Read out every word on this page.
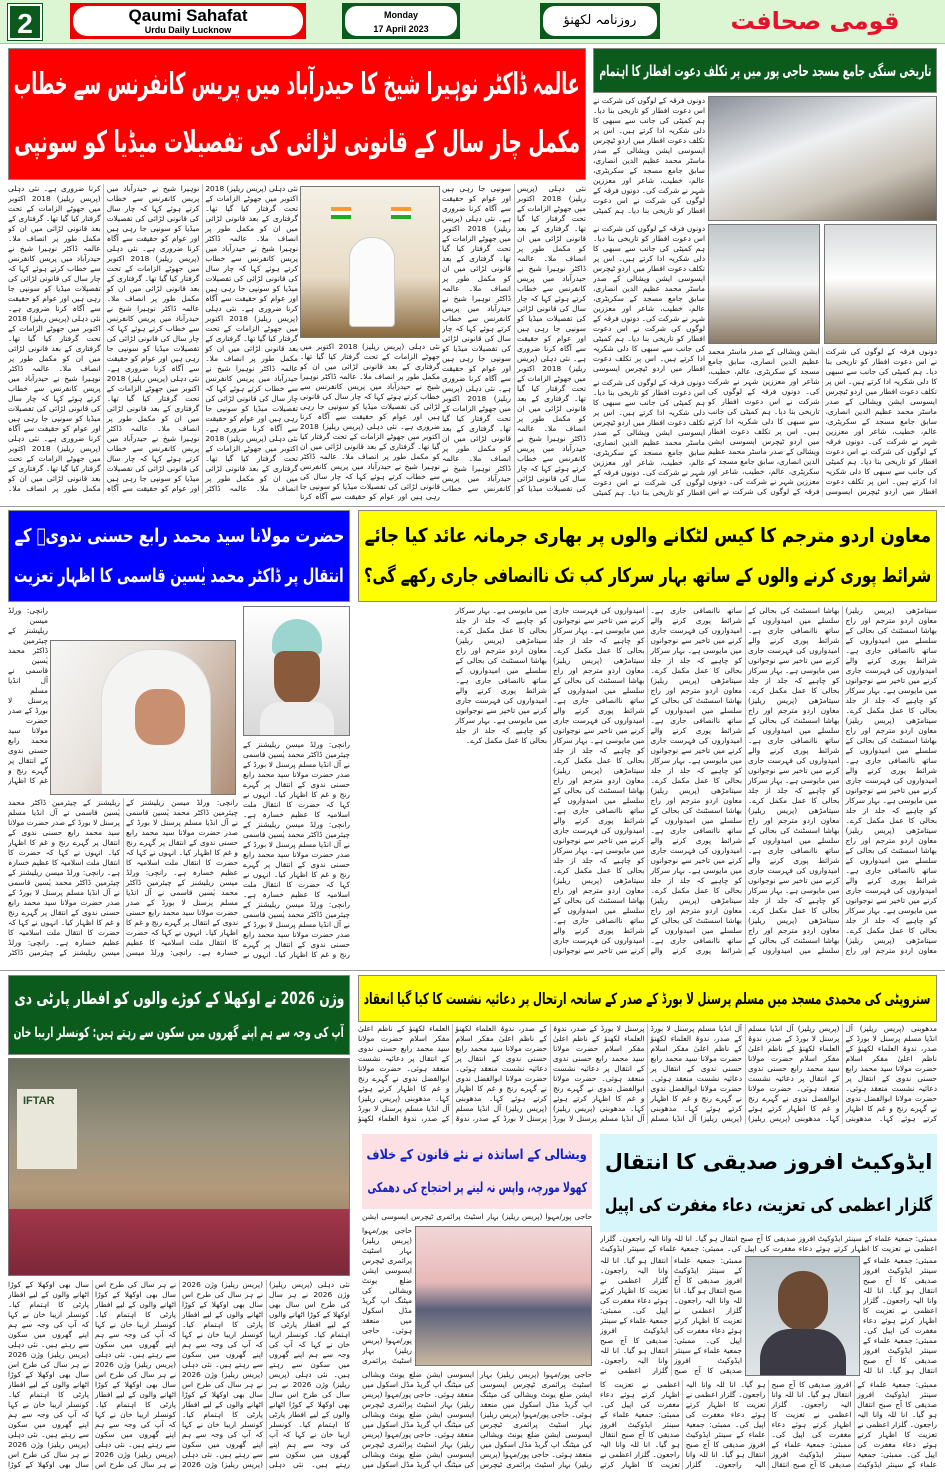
2	Qaumi Sahafat
Urdu Daily Lucknow
Monday
17 April 2023
روزنامہ لکھنؤ	قومی صحافت
عالمہ ڈاکٹر نوہیرا شیخ کا حیدرآباد میں پریس کانفرنس سے خطاب
مکمل چار سال کے قانونی لڑائی کی تفصیلات میڈیا کو سونپی
نئی دہلی (پریس ریلیز) 2018 اکتوبر میں جھوٹے الزامات کے تحت گرفتار کیا گیا تھا۔ گرفتاری کے بعد قانونی لڑائی میں ان کو مکمل طور پر انصاف ملا۔ عالمہ ڈاکٹر نوہیرا شیخ نے حیدرآباد میں پریس کانفرنس سے خطاب کرتے ہوئے کہا کہ چار سال کی قانونی لڑائی کی تفصیلات میڈیا کو سونپی جا رہی ہیں اور عوام کو حقیقت سے آگاہ کرنا ضروری ہے۔ نئی دہلی (پریس ریلیز) 2018 اکتوبر میں جھوٹے الزامات کے تحت گرفتار کیا گیا تھا۔ گرفتاری کے بعد قانونی لڑائی میں ان کو مکمل طور پر انصاف ملا۔ عالمہ ڈاکٹر نوہیرا شیخ نے حیدرآباد میں پریس کانفرنس سے خطاب کرتے ہوئے کہا کہ چار سال کی قانونی لڑائی کی تفصیلات میڈیا کو سونپی جا رہی ہیں اور عوام کو حقیقت سے آگاہ کرنا ضروری ہے۔ نئی دہلی (پریس ریلیز) 2018 اکتوبر میں جھوٹے الزامات کے تحت گرفتار کیا گیا تھا۔ گرفتاری کے بعد قانونی لڑائی میں ان کو مکمل طور پر انصاف ملا۔ عالمہ ڈاکٹر نوہیرا شیخ نے حیدرآباد میں پریس کانفرنس سے خطاب کرتے ہوئے کہا کہ چار سال کی قانونی لڑائی کی تفصیلات میڈیا کو سونپی جا رہی ہیں اور عوام کو حقیقت سے آگاہ کرنا ضروری ہے۔ نئی دہلی (پریس ریلیز) 2018 اکتوبر میں جھوٹے الزامات کے تحت گرفتار کیا گیا تھا۔ گرفتاری کے بعد قانونی لڑائی میں ان کو مکمل طور پر انصاف ملا۔ عالمہ ڈاکٹر نوہیرا شیخ نے حیدرآباد میں پریس کانفرنس سے خطاب کرتے ہوئے کہا کہ چار سال کی قانونی لڑائی کی تفصیلات میڈیا کو سونپی جا رہی ہیں اور عوام کو حقیقت سے آگاہ کرنا ضروری ہے۔ نئی دہلی (پریس ریلیز) 2018 اکتوبر میں جھوٹے الزامات کے تحت گرفتار کیا گیا تھا۔ گرفتاری کے بعد قانونی لڑائی میں ان کو مکمل طور پر انصاف ملا۔ عالمہ ڈاکٹر نوہیرا شیخ نے حیدرآباد میں پریس کانفرنس سے خطاب کرتے ہوئے کہا کہ چار سال کی قانونی لڑائی کی تفصیلات میڈیا کو سونپی جا رہی ہیں اور عوام کو حقیقت سے آگاہ کرنا ضروری ہے۔ نئی دہلی (پریس ریلیز) 2018 اکتوبر میں جھوٹے الزامات کے تحت گرفتار کیا گیا تھا۔ گرفتاری کے بعد قانونی لڑائی میں ان کو مکمل طور پر انصاف ملا۔ عالمہ ڈاکٹر نوہیرا شیخ نے حیدرآباد میں پریس کانفرنس سے خطاب کرتے ہوئے کہا کہ چار سال کی قانونی لڑائی کی تفصیلات میڈیا کو سونپی جا رہی ہیں اور عوام کو حقیقت سے آگاہ کرنا ضروری ہے۔ نئی دہلی (پریس ریلیز) 2018 اکتوبر میں جھوٹے الزامات کے تحت گرفتار کیا گیا تھا۔ گرفتاری کے بعد قانونی لڑائی میں ان کو مکمل طور پر انصاف ملا۔ عالمہ ڈاکٹر نوہیرا شیخ نے حیدرآباد میں پریس کانفرنس سے خطاب کرتے ہوئے کہا کہ چار سال کی قانونی لڑائی کی تفصیلات میڈیا کو سونپی جا رہی ہیں اور عوام کو حقیقت سے آگاہ کرنا ضروری ہے۔ نئی دہلی (پریس ریلیز) 2018 اکتوبر میں جھوٹے الزامات کے تحت گرفتار کیا گیا تھا۔ گرفتاری کے بعد قانونی لڑائی میں ان کو مکمل طور پر انصاف ملا۔
نئی دہلی (پریس ریلیز) 2018 اکتوبر میں جھوٹے الزامات کے تحت گرفتار کیا گیا تھا۔ گرفتاری کے بعد قانونی لڑائی میں ان کو مکمل طور پر انصاف ملا۔ عالمہ ڈاکٹر نوہیرا شیخ نے حیدرآباد میں پریس کانفرنس سے خطاب کرتے ہوئے کہا کہ چار سال کی قانونی لڑائی کی تفصیلات میڈیا کو سونپی جا رہی ہیں اور عوام کو حقیقت سے آگاہ کرنا ضروری ہے۔ نئی دہلی (پریس ریلیز) 2018 اکتوبر میں جھوٹے الزامات کے تحت گرفتار کیا گیا تھا۔ گرفتاری کے بعد قانونی لڑائی میں ان کو مکمل طور پر انصاف ملا۔ عالمہ ڈاکٹر نوہیرا شیخ نے حیدرآباد میں پریس کانفرنس سے خطاب کرتے ہوئے کہا کہ چار سال کی قانونی لڑائی کی تفصیلات میڈیا کو سونپی جا رہی ہیں اور عوام کو حقیقت سے آگاہ کرنا
نئی دہلی (پریس ریلیز) 2018 اکتوبر میں جھوٹے الزامات کے تحت گرفتار کیا گیا تھا۔ گرفتاری کے بعد قانونی لڑائی میں ان کو مکمل طور پر انصاف ملا۔ عالمہ ڈاکٹر نوہیرا شیخ نے حیدرآباد میں پریس کانفرنس سے خطاب کرتے ہوئے کہا کہ چار سال کی قانونی لڑائی کی تفصیلات میڈیا کو سونپی جا رہی ہیں اور عوام کو حقیقت سے آگاہ کرنا ضروری ہے۔ نئی دہلی (پریس ریلیز) 2018 اکتوبر میں جھوٹے الزامات کے تحت گرفتار کیا گیا تھا۔ گرفتاری کے بعد قانونی لڑائی میں ان کو مکمل طور پر انصاف ملا۔ عالمہ ڈاکٹر نوہیرا شیخ نے حیدرآباد میں پریس کانفرنس سے خطاب کرتے ہوئے کہا کہ چار سال کی قانونی لڑائی کی تفصیلات میڈیا کو سونپی جا رہی ہیں اور عوام کو حقیقت سے آگاہ کرنا ضروری ہے۔ نئی دہلی (پریس ریلیز) 2018 اکتوبر میں جھوٹے الزامات کے تحت گرفتار کیا گیا تھا۔ گرفتاری کے بعد قانونی لڑائی میں ان کو مکمل طور پر انصاف ملا۔ عالمہ ڈاکٹر نوہیرا شیخ نے حیدرآباد میں پریس کانفرنس سے خطاب کرتے ہوئے کہا کہ چار سال کی قانونی لڑائی کی تفصیلات میڈیا کو سونپی جا رہی ہیں اور عوام کو حقیقت سے آگاہ کرنا ضروری ہے۔ نئی دہلی (پریس ریلیز) 2018 اکتوبر میں جھوٹے الزامات کے تحت گرفتار کیا گیا تھا۔ گرفتاری کے بعد قانونی لڑائی میں ان کو مکمل طور پر انصاف ملا۔ عالمہ ڈاکٹر نوہیرا شیخ نے حیدرآباد میں پریس کانفرنس سے خطاب
تاریخی سنگی جامع مسجد حاجی پور میں پر تکلف دعوت افطار کا اہتمام
دونوں فرقہ کے لوگوں کی شرکت نے اس دعوت افطار کو تاریخی بنا دیا۔ ہم کمیٹی کی جانب سے سبھی کا دلی شکریہ ادا کرتے ہیں۔ اس پر تکلف دعوت افطار میں اردو ٹیچرس ایسوسی ایشن ویشالی کے صدر ماسٹر محمد عظیم الدین انصاری، سابق جامع مسجد کے سکریٹری، عالم، خطیب، شاعر اور معززین شہر نے شرکت کی۔ دونوں فرقہ کے لوگوں کی شرکت نے اس دعوت افطار کو تاریخی بنا دیا۔ ہم کمیٹی
دونوں فرقہ کے لوگوں کی شرکت نے اس دعوت افطار کو تاریخی بنا دیا۔ ہم کمیٹی کی جانب سے سبھی کا دلی شکریہ ادا کرتے ہیں۔ اس پر تکلف دعوت افطار میں اردو ٹیچرس ایسوسی ایشن ویشالی کے صدر ماسٹر محمد عظیم الدین انصاری، سابق جامع مسجد کے سکریٹری، عالم، خطیب، شاعر اور معززین شہر نے شرکت کی۔ دونوں فرقہ کے لوگوں کی شرکت نے اس دعوت افطار کو تاریخی بنا دیا۔ ہم کمیٹی کی جانب سے سبھی کا دلی شکریہ ادا کرتے ہیں۔ اس پر تکلف دعوت افطار میں اردو ٹیچرس ایسوسی
دونوں فرقہ کے لوگوں کی شرکت نے اس دعوت افطار کو تاریخی بنا دیا۔ ہم کمیٹی کی جانب سے سبھی کا دلی شکریہ ادا کرتے ہیں۔ اس پر تکلف دعوت افطار میں اردو ٹیچرس ایسوسی ایشن ویشالی کے صدر ماسٹر محمد عظیم الدین انصاری، سابق جامع مسجد کے سکریٹری، عالم، خطیب، شاعر اور معززین شہر نے شرکت کی۔ دونوں فرقہ کے لوگوں کی شرکت نے اس دعوت افطار کو تاریخی بنا دیا۔ ہم کمیٹی کی جانب سے سبھی کا دلی شکریہ ادا کرتے ہیں۔ اس پر تکلف دعوت افطار میں اردو ٹیچرس ایسوسی ایشن ویشالی کے صدر ماسٹر محمد عظیم الدین انصاری، سابق جامع مسجد کے سکریٹری، عالم، خطیب، شاعر اور معززین شہر نے شرکت کی۔ دونوں فرقہ کے لوگوں کی شرکت نے اس دعوت افطار کو تاریخی بنا دیا۔ ہم کمیٹی کی جانب سے سبھی کا دلی شکریہ ادا کرتے ہیں۔ اس پر تکلف دعوت افطار میں اردو ٹیچرس ایسوسی ایشن ویشالی کے صدر ماسٹر محمد عظیم الدین انصاری، سابق جامع مسجد کے سکریٹری، عالم، خطیب، شاعر اور معززین شہر نے شرکت کی۔ دونوں فرقہ کے لوگوں کی شرکت نے اس
دونوں فرقہ کے لوگوں کی شرکت نے اس دعوت افطار کو تاریخی بنا دیا۔ ہم کمیٹی کی جانب سے سبھی کا دلی شکریہ ادا کرتے ہیں۔ اس پر تکلف دعوت افطار میں اردو ٹیچرس ایسوسی ایشن ویشالی کے صدر ماسٹر محمد عظیم الدین انصاری، سابق جامع مسجد کے سکریٹری، عالم، خطیب، شاعر اور معززین شہر نے شرکت کی۔ دونوں فرقہ کے لوگوں کی شرکت نے اس دعوت افطار کو تاریخی بنا دیا۔ ہم کمیٹی
حضرت مولانا سید محمد رابع حسنی ندویؒ کے
انتقال پر ڈاکٹر محمد یٰسین قاسمی کا اظہار تعزیت
معاون اردو مترجم کا کیس لٹکانے والوں پر بھاری جرمانہ عائد کیا جائے
شرائط پوری کرنے والوں کے ساتھ بہار سرکار کب تک ناانصافی جاری رکھے گی؟
رانچی: ورلڈ میسن ریلیشنز کے چیئرمین ڈاکٹر محمد یٰسین قاسمی نے آل انڈیا مسلم پرسنل لا بورڈ کے صدر حضرت مولانا سید محمد رابع حسنی ندوی کے انتقال پر گہرے رنج و غم کا اظہار
رانچی: ورلڈ میسن ریلیشنز کے چیئرمین ڈاکٹر محمد یٰسین قاسمی نے آل انڈیا مسلم پرسنل لا بورڈ کے صدر حضرت مولانا سید محمد رابع حسنی ندوی کے انتقال پر گہرے رنج و غم کا اظہار کیا۔ انہوں نے کہا کہ حضرت کا انتقال ملت اسلامیہ کا عظیم خسارہ ہے۔ رانچی: ورلڈ میسن ریلیشنز کے چیئرمین ڈاکٹر محمد یٰسین قاسمی نے آل انڈیا مسلم پرسنل لا بورڈ کے صدر حضرت مولانا سید محمد رابع حسنی ندوی کے انتقال پر گہرے رنج و غم کا اظہار کیا۔ انہوں نے کہا کہ حضرت کا انتقال ملت اسلامیہ کا عظیم خسارہ ہے۔ رانچی: ورلڈ میسن ریلیشنز کے چیئرمین ڈاکٹر محمد یٰسین قاسمی نے آل انڈیا مسلم پرسنل لا بورڈ کے صدر حضرت مولانا سید محمد رابع حسنی ندوی کے انتقال پر گہرے رنج و غم کا اظہار کیا۔ انہوں نے کہا کہ حضرت کا انتقال ملت اسلامیہ کا عظیم خسارہ ہے۔ رانچی: ورلڈ میسن ریلیشنز کے چیئرمین ڈاکٹر محمد یٰسین قاسمی نے آل انڈیا مسلم پرسنل لا بورڈ کے صدر حضرت مولانا سید محمد رابع حسنی ندوی کے انتقال پر گہرے رنج و غم کا اظہار کیا۔ انہوں نے کہا کہ حضرت کا انتقال ملت اسلامیہ کا عظیم خسارہ ہے۔ رانچی: ورلڈ میسن ریلیشنز کے چیئرمین ڈاکٹر
رانچی: ورلڈ میسن ریلیشنز کے چیئرمین ڈاکٹر محمد یٰسین قاسمی نے آل انڈیا مسلم پرسنل لا بورڈ کے صدر حضرت مولانا سید محمد رابع حسنی ندوی کے انتقال پر گہرے رنج و غم کا اظہار کیا۔ انہوں نے کہا کہ حضرت کا انتقال ملت اسلامیہ کا عظیم خسارہ ہے۔ رانچی: ورلڈ میسن ریلیشنز کے چیئرمین ڈاکٹر محمد یٰسین قاسمی نے آل انڈیا مسلم پرسنل لا بورڈ کے صدر حضرت مولانا سید محمد رابع حسنی ندوی کے انتقال پر گہرے رنج و غم کا اظہار کیا۔ انہوں نے کہا کہ حضرت کا انتقال ملت اسلامیہ کا عظیم خسارہ ہے۔ رانچی: ورلڈ میسن ریلیشنز کے چیئرمین ڈاکٹر محمد یٰسین قاسمی نے آل انڈیا مسلم پرسنل لا بورڈ کے صدر حضرت مولانا سید محمد رابع حسنی ندوی کے انتقال پر گہرے رنج و غم کا اظہار کیا۔ انہوں نے
سیتامڑھی (پریس ریلیز) معاون اردو مترجم اور راج بھاشا اسسٹنٹ کی بحالی کے سلسلے میں امیدواروں کے ساتھ ناانصافی جاری ہے۔ شرائط پوری کرنے والے امیدواروں کی فہرست جاری کرنے میں تاخیر سے نوجوانوں میں مایوسی ہے۔ بہار سرکار کو چاہیے کہ جلد از جلد بحالی کا عمل مکمل کرے۔ سیتامڑھی (پریس ریلیز) معاون اردو مترجم اور راج بھاشا اسسٹنٹ کی بحالی کے سلسلے میں امیدواروں کے ساتھ ناانصافی جاری ہے۔ شرائط پوری کرنے والے امیدواروں کی فہرست جاری کرنے میں تاخیر سے نوجوانوں میں مایوسی ہے۔ بہار سرکار کو چاہیے کہ جلد از جلد بحالی کا عمل مکمل کرے۔ سیتامڑھی (پریس ریلیز) معاون اردو مترجم اور راج بھاشا اسسٹنٹ کی بحالی کے سلسلے میں امیدواروں کے ساتھ ناانصافی جاری ہے۔ شرائط پوری کرنے والے امیدواروں کی فہرست جاری کرنے میں تاخیر سے نوجوانوں میں مایوسی ہے۔ بہار سرکار کو چاہیے کہ جلد از جلد بحالی کا عمل مکمل کرے۔ سیتامڑھی (پریس ریلیز) معاون اردو مترجم اور راج بھاشا اسسٹنٹ کی بحالی کے سلسلے میں امیدواروں کے ساتھ ناانصافی جاری ہے۔ شرائط پوری کرنے والے امیدواروں کی فہرست جاری کرنے میں تاخیر سے نوجوانوں میں مایوسی ہے۔ بہار سرکار کو چاہیے کہ جلد از جلد بحالی کا عمل مکمل کرے۔ سیتامڑھی (پریس ریلیز) معاون اردو مترجم اور راج بھاشا اسسٹنٹ کی بحالی کے سلسلے میں امیدواروں کے ساتھ ناانصافی جاری ہے۔ شرائط پوری کرنے والے امیدواروں کی فہرست جاری کرنے میں تاخیر سے نوجوانوں میں مایوسی ہے۔ بہار سرکار کو چاہیے کہ جلد از جلد بحالی کا عمل مکمل کرے۔ سیتامڑھی (پریس ریلیز) معاون اردو مترجم اور راج بھاشا اسسٹنٹ کی بحالی کے سلسلے میں امیدواروں کے ساتھ ناانصافی جاری ہے۔ شرائط پوری کرنے والے امیدواروں کی فہرست جاری کرنے میں تاخیر سے نوجوانوں میں مایوسی ہے۔ بہار سرکار کو چاہیے کہ جلد از جلد بحالی کا عمل مکمل کرے۔ سیتامڑھی (پریس ریلیز) معاون اردو مترجم اور راج بھاشا اسسٹنٹ کی بحالی کے سلسلے میں امیدواروں کے ساتھ ناانصافی جاری ہے۔ شرائط پوری کرنے والے امیدواروں کی فہرست جاری کرنے میں تاخیر سے نوجوانوں میں مایوسی ہے۔ بہار سرکار کو چاہیے کہ جلد از جلد بحالی کا عمل مکمل کرے۔ سیتامڑھی (پریس ریلیز) معاون اردو مترجم اور راج بھاشا اسسٹنٹ کی بحالی کے سلسلے میں امیدواروں کے ساتھ ناانصافی جاری ہے۔ شرائط پوری کرنے والے امیدواروں کی فہرست جاری کرنے میں تاخیر سے نوجوانوں میں مایوسی ہے۔ بہار سرکار کو چاہیے کہ جلد از جلد بحالی کا عمل مکمل کرے۔ سیتامڑھی (پریس ریلیز) معاون اردو مترجم اور راج بھاشا اسسٹنٹ کی بحالی کے سلسلے میں امیدواروں کے ساتھ ناانصافی جاری ہے۔ شرائط پوری کرنے والے امیدواروں کی فہرست جاری کرنے میں تاخیر سے نوجوانوں میں مایوسی ہے۔ بہار سرکار کو چاہیے کہ جلد از جلد بحالی کا عمل مکمل کرے۔ سیتامڑھی (پریس ریلیز) معاون اردو مترجم اور راج بھاشا اسسٹنٹ کی بحالی کے سلسلے میں امیدواروں کے ساتھ ناانصافی جاری ہے۔ شرائط پوری کرنے والے امیدواروں کی فہرست جاری کرنے میں تاخیر سے نوجوانوں میں مایوسی ہے۔ بہار سرکار کو چاہیے کہ جلد از جلد بحالی کا عمل مکمل کرے۔ سیتامڑھی (پریس ریلیز) معاون اردو مترجم اور راج بھاشا اسسٹنٹ کی بحالی کے سلسلے میں امیدواروں کے ساتھ ناانصافی جاری ہے۔ شرائط پوری کرنے والے امیدواروں کی فہرست جاری کرنے میں تاخیر سے نوجوانوں میں مایوسی ہے۔ بہار سرکار کو چاہیے کہ جلد از جلد بحالی کا عمل مکمل کرے۔ سیتامڑھی (پریس ریلیز) معاون اردو مترجم اور راج بھاشا اسسٹنٹ کی بحالی کے سلسلے میں امیدواروں کے ساتھ ناانصافی جاری ہے۔ شرائط پوری کرنے والے امیدواروں کی فہرست جاری کرنے میں تاخیر سے نوجوانوں میں مایوسی ہے۔ بہار سرکار کو چاہیے کہ جلد از جلد بحالی کا عمل مکمل کرے۔ سیتامڑھی (پریس ریلیز) معاون اردو مترجم اور راج بھاشا اسسٹنٹ کی بحالی کے سلسلے میں امیدواروں کے ساتھ ناانصافی جاری ہے۔ شرائط پوری کرنے والے امیدواروں کی فہرست جاری کرنے میں تاخیر سے نوجوانوں میں مایوسی ہے۔ بہار سرکار کو چاہیے کہ جلد از جلد بحالی کا عمل مکمل کرے۔ سیتامڑھی (پریس ریلیز) معاون اردو مترجم اور راج بھاشا اسسٹنٹ کی بحالی کے سلسلے میں امیدواروں کے ساتھ ناانصافی جاری ہے۔ شرائط پوری کرنے والے امیدواروں کی فہرست جاری کرنے میں تاخیر سے نوجوانوں میں مایوسی ہے۔ بہار سرکار کو چاہیے کہ جلد از جلد بحالی کا عمل مکمل کرے۔
وژن 2026 نے اوکھلا کے کوڑے والوں کو افطار پارٹی دی
آپ کی وجہ سے ہم اپنے گھروں میں سکون سے رہتے ہیں: کونسلر اریبا خان
IFTAR
نئی دہلی (پریس ریلیز) وژن 2026 نے ہر سال کی طرح اس سال بھی اوکھلا کے کوڑا اٹھانے والوں کے لیے افطار پارٹی کا اہتمام کیا۔ کونسلر اریبا خان نے کہا کہ آپ کی وجہ سے ہم اپنے گھروں میں سکون سے رہتے ہیں۔ نئی دہلی (پریس ریلیز) وژن 2026 نے ہر سال کی طرح اس سال بھی اوکھلا کے کوڑا اٹھانے والوں کے لیے افطار پارٹی کا اہتمام کیا۔ کونسلر اریبا خان نے کہا کہ آپ کی وجہ سے ہم اپنے گھروں میں سکون سے رہتے ہیں۔ نئی دہلی (پریس ریلیز) وژن 2026 نے ہر سال کی طرح اس سال بھی اوکھلا کے کوڑا اٹھانے والوں کے لیے افطار پارٹی کا اہتمام کیا۔ کونسلر اریبا خان نے کہا کہ آپ کی وجہ سے ہم اپنے گھروں میں سکون سے رہتے ہیں۔ نئی دہلی (پریس ریلیز) وژن 2026 نے ہر سال کی طرح اس سال بھی اوکھلا کے کوڑا اٹھانے والوں کے لیے افطار پارٹی کا اہتمام کیا۔ کونسلر اریبا خان نے کہا کہ آپ کی وجہ سے ہم اپنے گھروں میں سکون سے رہتے ہیں۔ نئی دہلی (پریس ریلیز) وژن 2026 نے ہر سال کی طرح اس سال بھی اوکھلا کے کوڑا اٹھانے والوں کے لیے افطار پارٹی کا اہتمام کیا۔ کونسلر اریبا خان نے کہا کہ آپ کی وجہ سے ہم اپنے گھروں میں سکون سے رہتے ہیں۔ نئی دہلی (پریس ریلیز) وژن 2026 نے ہر سال کی طرح اس سال بھی اوکھلا کے کوڑا اٹھانے والوں کے لیے افطار پارٹی کا اہتمام کیا۔ کونسلر اریبا خان نے کہا کہ آپ کی وجہ سے ہم اپنے گھروں میں سکون سے رہتے ہیں۔ نئی دہلی (پریس ریلیز) وژن 2026 نے ہر سال کی طرح اس سال بھی اوکھلا کے کوڑا اٹھانے والوں کے لیے افطار پارٹی کا اہتمام کیا۔ کونسلر اریبا خان نے کہا کہ آپ کی وجہ سے ہم اپنے گھروں میں سکون سے رہتے ہیں۔ نئی دہلی (پریس ریلیز) وژن 2026 نے ہر سال کی طرح اس سال بھی اوکھلا کے کوڑا اٹھانے والوں کے لیے افطار پارٹی کا اہتمام کیا۔ کونسلر اریبا خان نے کہا کہ آپ کی وجہ سے ہم اپنے گھروں میں سکون سے رہتے ہیں۔ نئی دہلی (پریس ریلیز) وژن 2026 نے ہر سال کی طرح اس سال بھی اوکھلا کے کوڑا
ستروپٹی کی محمدی مسجد میں مسلم پرسنل لا بورڈ کے صدر کے سانحہ ارتحال پر دعائیہ نشست کا کیا گیا انعقاد
مدھوبنی (پریس ریلیز) آل انڈیا مسلم پرسنل لا بورڈ کے صدر، ندوۃ العلماء لکھنؤ کے ناظم اعلیٰ مفکر اسلام حضرت مولانا سید محمد رابع حسنی ندوی کے انتقال پر دعائیہ نشست منعقد ہوئی۔ حضرت مولانا ابوالفضل ندوی نے گہرے رنج و غم کا اظہار کرتے ہوئے کہا۔ مدھوبنی (پریس ریلیز) آل انڈیا مسلم پرسنل لا بورڈ کے صدر، ندوۃ العلماء لکھنؤ کے ناظم اعلیٰ مفکر اسلام حضرت مولانا سید محمد رابع حسنی ندوی کے انتقال پر دعائیہ نشست منعقد ہوئی۔ حضرت مولانا ابوالفضل ندوی نے گہرے رنج و غم کا اظہار کرتے ہوئے کہا۔ مدھوبنی (پریس ریلیز) آل انڈیا مسلم پرسنل لا بورڈ کے صدر، ندوۃ العلماء لکھنؤ کے ناظم اعلیٰ مفکر اسلام حضرت مولانا سید محمد رابع حسنی ندوی کے انتقال پر دعائیہ نشست منعقد ہوئی۔ حضرت مولانا ابوالفضل ندوی نے گہرے رنج و غم کا اظہار کرتے ہوئے کہا۔ مدھوبنی (پریس ریلیز) آل انڈیا مسلم پرسنل لا بورڈ کے صدر، ندوۃ العلماء لکھنؤ کے ناظم اعلیٰ مفکر اسلام حضرت مولانا سید محمد رابع حسنی ندوی کے انتقال پر دعائیہ نشست منعقد ہوئی۔ حضرت مولانا ابوالفضل ندوی نے گہرے رنج و غم کا اظہار کرتے ہوئے کہا۔ مدھوبنی (پریس ریلیز) آل انڈیا مسلم پرسنل لا بورڈ کے صدر، ندوۃ العلماء لکھنؤ کے ناظم اعلیٰ مفکر اسلام حضرت مولانا سید محمد رابع حسنی ندوی کے انتقال پر دعائیہ نشست منعقد ہوئی۔ حضرت مولانا ابوالفضل ندوی نے گہرے رنج و غم کا اظہار کرتے ہوئے کہا۔ مدھوبنی (پریس ریلیز) آل انڈیا مسلم پرسنل لا بورڈ کے صدر، ندوۃ العلماء لکھنؤ کے ناظم اعلیٰ مفکر اسلام حضرت مولانا سید محمد رابع حسنی ندوی کے انتقال پر دعائیہ نشست منعقد ہوئی۔ حضرت مولانا ابوالفضل ندوی نے گہرے رنج و غم کا اظہار کرتے ہوئے کہا۔ مدھوبنی (پریس ریلیز) آل انڈیا مسلم پرسنل لا بورڈ کے صدر، ندوۃ العلماء لکھنؤ
ویشالی کے اساتذہ نے نئے قانون کے خلاف
کھولا مورچہ، واپس نہ لینے پر احتجاج کی دھمکی
حاجی پور/مہوا (پریس ریلیز) بہار اسٹیٹ پرائمری ٹیچرس ایسوسی ایشن
حاجی پور/مہوا (پریس ریلیز) بہار اسٹیٹ پرائمری ٹیچرس ایسوسی ایشن ضلع یونٹ ویشالی کی میٹنگ اپ گریڈ مڈل اسکول میں منعقد ہوئی۔ حاجی پور/مہوا (پریس ریلیز) بہار اسٹیٹ پرائمری
حاجی پور/مہوا (پریس ریلیز) بہار اسٹیٹ پرائمری ٹیچرس ایسوسی ایشن ضلع یونٹ ویشالی کی میٹنگ اپ گریڈ مڈل اسکول میں منعقد ہوئی۔ حاجی پور/مہوا (پریس ریلیز) بہار اسٹیٹ پرائمری ٹیچرس ایسوسی ایشن ضلع یونٹ ویشالی کی میٹنگ اپ گریڈ مڈل اسکول میں منعقد ہوئی۔ حاجی پور/مہوا (پریس ریلیز) بہار اسٹیٹ پرائمری ٹیچرس ایسوسی ایشن ضلع یونٹ ویشالی کی میٹنگ اپ گریڈ مڈل اسکول میں منعقد ہوئی۔ حاجی پور/مہوا (پریس ریلیز) بہار اسٹیٹ پرائمری ٹیچرس ایسوسی ایشن ضلع یونٹ ویشالی کی میٹنگ اپ گریڈ مڈل اسکول میں منعقد ہوئی۔ حاجی پور/مہوا (پریس ریلیز) بہار اسٹیٹ پرائمری ٹیچرس ایسوسی ایشن ضلع یونٹ ویشالی کی میٹنگ اپ گریڈ مڈل اسکول میں
ایڈوکیٹ افروز صدیقی کا انتقال
گلزار اعظمی کی تعزیت، دعاء مغفرت کی اپیل
ممبئی: جمعیۃ علماء کے سینئر ایڈوکیٹ افروز صدیقی کا آج صبح انتقال ہو گیا۔ انا للہ وانا الیہ راجعون۔ گلزار اعظمی نے تعزیت کا اظہار کرتے ہوئے دعاء مغفرت کی اپیل کی۔ ممبئی: جمعیۃ علماء کے سینئر ایڈوکیٹ
ممبئی: جمعیۃ علماء کے سینئر ایڈوکیٹ افروز صدیقی کا آج صبح انتقال ہو گیا۔ انا للہ وانا الیہ راجعون۔ گلزار اعظمی نے تعزیت کا اظہار کرتے ہوئے دعاء مغفرت کی اپیل کی۔ ممبئی: جمعیۃ علماء کے سینئر ایڈوکیٹ افروز صدیقی کا آج صبح انتقال ہو گیا۔ انا للہ وانا الیہ راجعون۔ گلزار اعظمی نے تعزیت کا اظہار کرتے ہوئے دعاء مغفرت کی اپیل کی۔ ممبئی: جمعیۃ علماء کے سینئر ایڈوکیٹ افروز صدیقی کا آج صبح انتقال ہو گیا۔ انا للہ وانا الیہ راجعون۔ گلزار اعظمی نے
ممبئی: جمعیۃ علماء کے سینئر ایڈوکیٹ افروز صدیقی کا آج صبح انتقال ہو گیا۔ انا للہ وانا الیہ راجعون۔ گلزار اعظمی نے تعزیت کا اظہار کرتے ہوئے دعاء مغفرت کی اپیل کی۔ ممبئی: جمعیۃ علماء کے سینئر ایڈوکیٹ افروز صدیقی کا آج صبح انتقال ہو گیا۔ انا للہ
ممبئی: جمعیۃ علماء کے سینئر ایڈوکیٹ افروز صدیقی کا آج صبح انتقال ہو گیا۔ انا للہ وانا الیہ راجعون۔ گلزار اعظمی نے تعزیت کا اظہار کرتے ہوئے دعاء مغفرت کی اپیل کی۔ ممبئی: جمعیۃ علماء کے سینئر ایڈوکیٹ افروز صدیقی کا آج صبح انتقال ہو گیا۔ انا للہ وانا الیہ راجعون۔ گلزار اعظمی نے تعزیت کا اظہار کرتے ہوئے دعاء مغفرت کی اپیل کی۔ ممبئی: جمعیۃ علماء کے سینئر ایڈوکیٹ افروز صدیقی کا آج صبح انتقال ہو گیا۔ انا للہ وانا الیہ راجعون۔ گلزار اعظمی نے تعزیت کا اظہار کرتے ہوئے دعاء مغفرت کی اپیل کی۔ ممبئی: جمعیۃ علماء کے سینئر ایڈوکیٹ افروز صدیقی کا آج صبح انتقال ہو گیا۔ انا للہ وانا الیہ راجعون۔ گلزار اعظمی نے تعزیت کا اظہار کرتے ہوئے دعاء مغفرت کی اپیل کی۔ ممبئی: جمعیۃ علماء کے سینئر ایڈوکیٹ افروز صدیقی کا آج صبح انتقال ہو گیا۔ انا للہ وانا الیہ راجعون۔ گلزار اعظمی نے تعزیت کا اظہار کرتے
